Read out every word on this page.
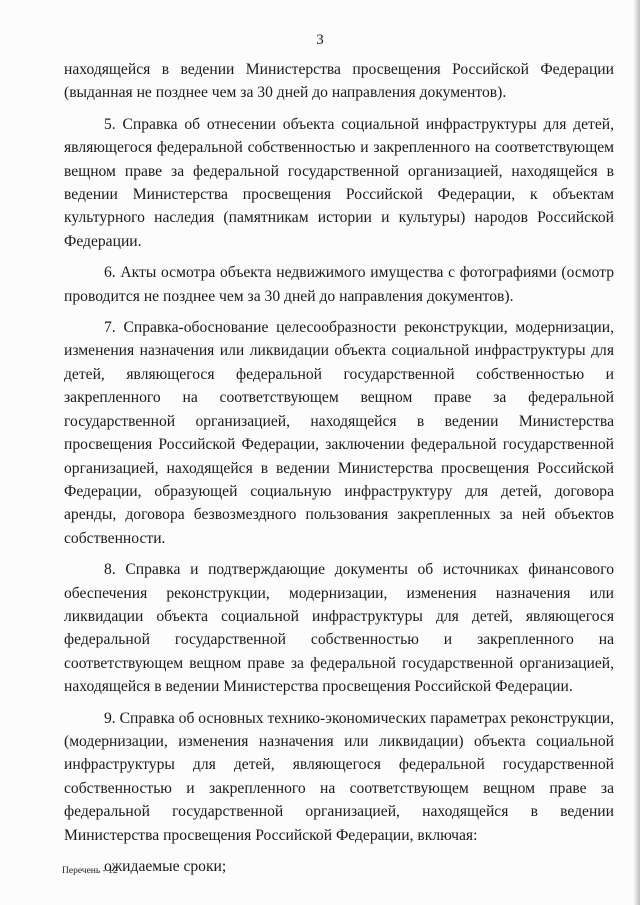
3

находящейся в ведении Министерства просвещения Российской Федерации (выданная не позднее чем за 30 дней до направления документов).

5. Справка об отнесении объекта социальной инфраструктуры для детей, являющегося федеральной собственностью и закрепленного на соответствующем вещном праве за федеральной государственной организацией, находящейся в ведении Министерства просвещения Российской Федерации, к объектам культурного наследия (памятникам истории и культуры) народов Российской Федерации.

6. Акты осмотра объекта недвижимого имущества с фотографиями (осмотр проводится не позднее чем за 30 дней до направления документов).

7. Справка-обоснование целесообразности реконструкции, модернизации, изменения назначения или ликвидации объекта социальной инфраструктуры для детей, являющегося федеральной государственной собственностью и закрепленного на соответствующем вещном праве за федеральной государственной организацией, находящейся в ведении Министерства просвещения Российской Федерации, заключении федеральной государственной организацией, находящейся в ведении Министерства просвещения Российской Федерации, образующей социальную инфраструктуру для детей, договора аренды, договора безвозмездного пользования закрепленных за ней объектов собственности.

8. Справка и подтверждающие документы об источниках финансового обеспечения реконструкции, модернизации, изменения назначения или ликвидации объекта социальной инфраструктуры для детей, являющегося федеральной государственной собственностью и закрепленного на соответствующем вещном праве за федеральной государственной организацией, находящейся в ведении Министерства просвещения Российской Федерации.

9. Справка об основных технико-экономических параметрах реконструкции, (модернизации, изменения назначения или ликвидации) объекта социальной инфраструктуры для детей, являющегося федеральной государственной собственностью и закрепленного на соответствующем вещном праве за федеральной государственной организацией, находящейся в ведении Министерства просвещения Российской Федерации, включая:

ожидаемые сроки;

Перечень - 12
